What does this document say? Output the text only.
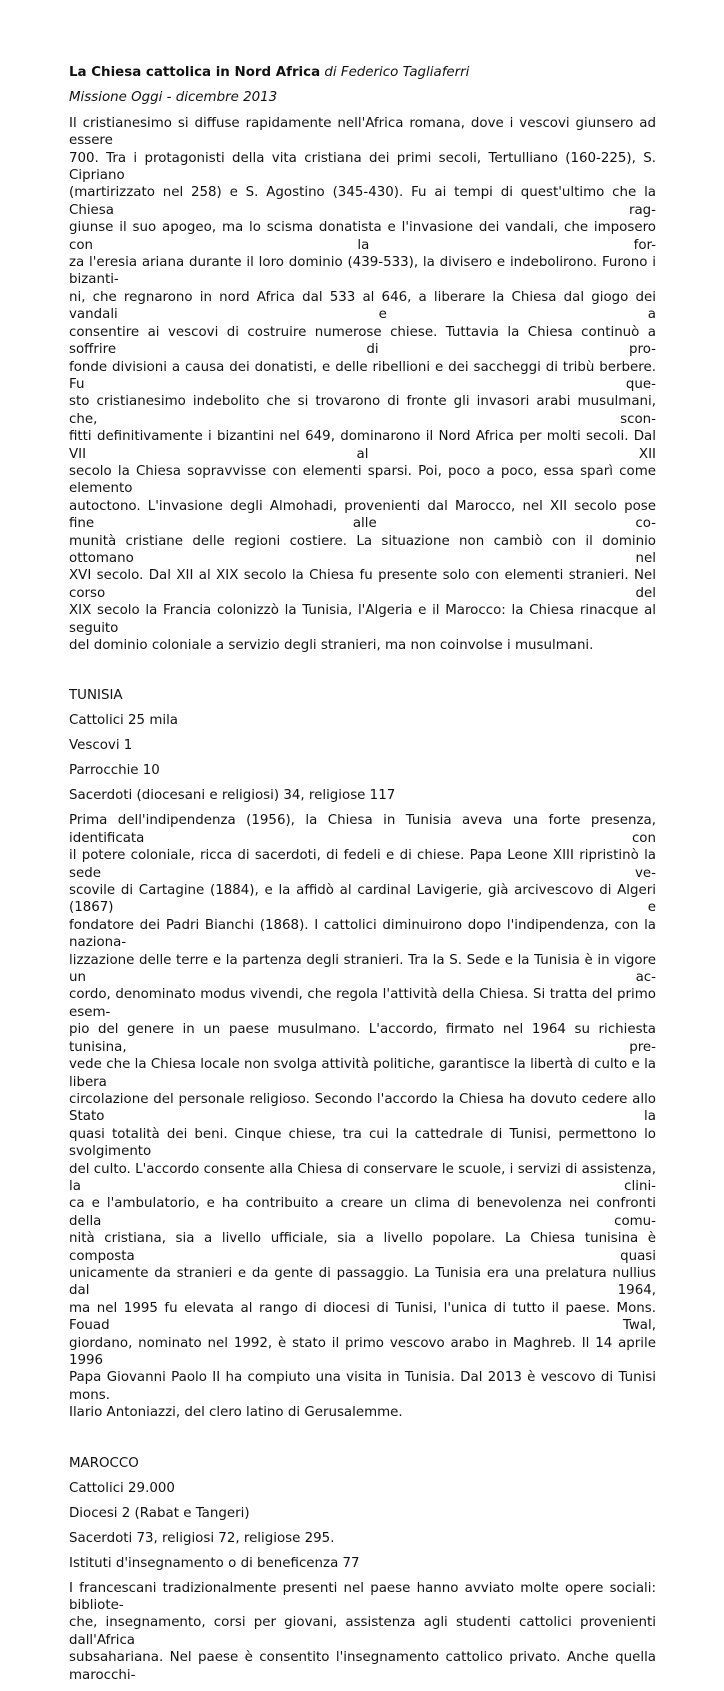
La Chiesa cattolica in Nord Africa di Federico Tagliaferri
Missione Oggi - dicembre 2013
Il cristianesimo si diffuse rapidamente nell'Africa romana, dove i vescovi giunsero ad essere
700. Tra i protagonisti della vita cristiana dei primi secoli, Tertulliano (160-225), S. Cipriano
(martirizzato nel 258) e S. Agostino (345-430). Fu ai tempi di quest'ultimo che la Chiesa rag-
giunse il suo apogeo, ma lo scisma donatista e l'invasione dei vandali, che imposero con la for-
za l'eresia ariana durante il loro dominio (439-533), la divisero e indebolirono. Furono i bizanti-
ni, che regnarono in nord Africa dal 533 al 646, a liberare la Chiesa dal giogo dei vandali e a
consentire ai vescovi di costruire numerose chiese. Tuttavia la Chiesa continuò a soffrire di pro-
fonde divisioni a causa dei donatisti, e delle ribellioni e dei saccheggi di tribù berbere. Fu que-
sto cristianesimo indebolito che si trovarono di fronte gli invasori arabi musulmani, che, scon-
fitti definitivamente i bizantini nel 649, dominarono il Nord Africa per molti secoli. Dal VII al XII
secolo la Chiesa sopravvisse con elementi sparsi. Poi, poco a poco, essa sparì come elemento
autoctono. L'invasione degli Almohadi, provenienti dal Marocco, nel XII secolo pose fine alle co-
munità cristiane delle regioni costiere. La situazione non cambiò con il dominio ottomano nel
XVI secolo. Dal XII al XIX secolo la Chiesa fu presente solo con elementi stranieri. Nel corso del
XIX secolo la Francia colonizzò la Tunisia, l'Algeria e il Marocco: la Chiesa rinacque al seguito
del dominio coloniale a servizio degli stranieri, ma non coinvolse i musulmani.
TUNISIA
Cattolici 25 mila
Vescovi 1
Parrocchie 10
Sacerdoti (diocesani e religiosi) 34, religiose 117
Prima dell'indipendenza (1956), la Chiesa in Tunisia aveva una forte presenza, identificata con
il potere coloniale, ricca di sacerdoti, di fedeli e di chiese. Papa Leone XIII ripristinò la sede ve-
scovile di Cartagine (1884), e la affidò al cardinal Lavigerie, già arcivescovo di Algeri (1867) e
fondatore dei Padri Bianchi (1868). I cattolici diminuirono dopo l'indipendenza, con la naziona-
lizzazione delle terre e la partenza degli stranieri. Tra la S. Sede e la Tunisia è in vigore un ac-
cordo, denominato modus vivendi, che regola l'attività della Chiesa. Si tratta del primo esem-
pio del genere in un paese musulmano. L'accordo, firmato nel 1964 su richiesta tunisina, pre-
vede che la Chiesa locale non svolga attività politiche, garantisce la libertà di culto e la libera
circolazione del personale religioso. Secondo l'accordo la Chiesa ha dovuto cedere allo Stato la
quasi totalità dei beni. Cinque chiese, tra cui la cattedrale di Tunisi, permettono lo svolgimento
del culto. L'accordo consente alla Chiesa di conservare le scuole, i servizi di assistenza, la clini-
ca e l'ambulatorio, e ha contribuito a creare un clima di benevolenza nei confronti della comu-
nità cristiana, sia a livello ufficiale, sia a livello popolare. La Chiesa tunisina è composta quasi
unicamente da stranieri e da gente di passaggio. La Tunisia era una prelatura nullius dal 1964,
ma nel 1995 fu elevata al rango di diocesi di Tunisi, l'unica di tutto il paese. Mons. Fouad Twal,
giordano, nominato nel 1992, è stato il primo vescovo arabo in Maghreb. Il 14 aprile 1996
Papa Giovanni Paolo II ha compiuto una visita in Tunisia. Dal 2013 è vescovo di Tunisi mons.
Ilario Antoniazzi, del clero latino di Gerusalemme.
MAROCCO
Cattolici 29.000
Diocesi 2 (Rabat e Tangeri)
Sacerdoti 73, religiosi 72, religiose 295.
Istituti d'insegnamento o di beneficenza 77
I francescani tradizionalmente presenti nel paese hanno avviato molte opere sociali: bibliote-
che, insegnamento, corsi per giovani, assistenza agli studenti cattolici provenienti dall'Africa
subsahariana. Nel paese è consentito l'insegnamento cattolico privato. Anche quella marocchi-
